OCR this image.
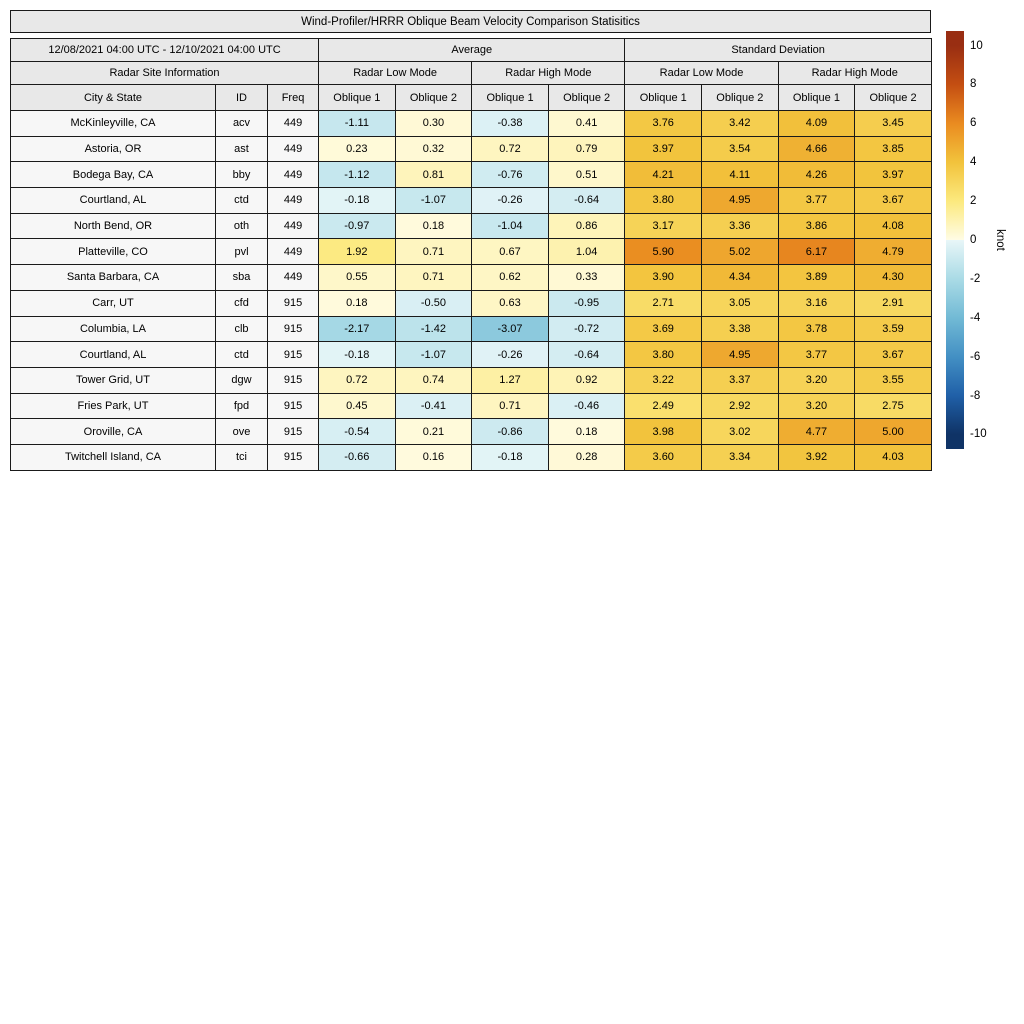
Wind-Profiler/HRRR Oblique Beam Velocity Comparison Statisitics
12/08/2021 04:00 UTC - 12/10/2021 04:00 UTC			Average				Standard Deviation			
Radar Site Information			Radar Low Mode		Radar High Mode		Radar Low Mode		Radar High Mode	
City & State	ID	Freq	Oblique 1	Oblique 2	Oblique 1	Oblique 2	Oblique 1	Oblique 2	Oblique 1	Oblique 2
McKinleyville, CA	acv	449	-1.11	0.30	-0.38	0.41	3.76	3.42	4.09	3.45
Astoria, OR	ast	449	0.23	0.32	0.72	0.79	3.97	3.54	4.66	3.85
Bodega Bay, CA	bby	449	-1.12	0.81	-0.76	0.51	4.21	4.11	4.26	3.97
Courtland, AL	ctd	449	-0.18	-1.07	-0.26	-0.64	3.80	4.95	3.77	3.67
North Bend, OR	oth	449	-0.97	0.18	-1.04	0.86	3.17	3.36	3.86	4.08
Platteville, CO	pvl	449	1.92	0.71	0.67	1.04	5.90	5.02	6.17	4.79
Santa Barbara, CA	sba	449	0.55	0.71	0.62	0.33	3.90	4.34	3.89	4.30
Carr, UT	cfd	915	0.18	-0.50	0.63	-0.95	2.71	3.05	3.16	2.91
Columbia, LA	clb	915	-2.17	-1.42	-3.07	-0.72	3.69	3.38	3.78	3.59
Courtland, AL	ctd	915	-0.18	-1.07	-0.26	-0.64	3.80	4.95	3.77	3.67
Tower Grid, UT	dgw	915	0.72	0.74	1.27	0.92	3.22	3.37	3.20	3.55
Fries Park, UT	fpd	915	0.45	-0.41	0.71	-0.46	2.49	2.92	3.20	2.75
Oroville, CA	ove	915	-0.54	0.21	-0.86	0.18	3.98	3.02	4.77	5.00
Twitchell Island, CA	tci	915	-0.66	0.16	-0.18	0.28	3.60	3.34	3.92	4.03
10
8
6
4
2
0
-2
-4
-6
-8
-10
knot
